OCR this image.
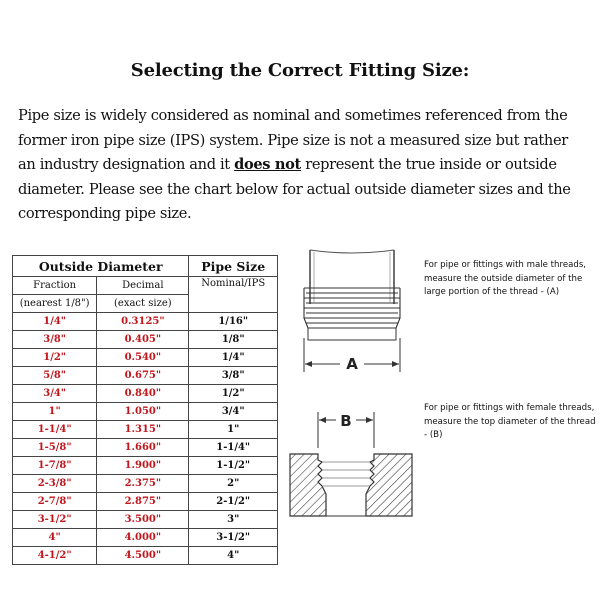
Selecting the Correct Fitting Size:
Pipe size is widely considered as nominal and sometimes referenced from the former iron pipe size (IPS) system. Pipe size is not a measured size but rather an industry designation and it does not represent the true inside or outside diameter. Please see the chart below for actual outside diameter sizes and the corresponding pipe size.
Outside Diameter		Pipe Size
Fraction	Decimal	Nominal/IPS
(nearest 1/8")	(exact size)	
1/4"	0.3125"	1/16"
3/8"	0.405"	1/8"
1/2"	0.540"	1/4"
5/8"	0.675"	3/8"
3/4"	0.840"	1/2"
1"	1.050"	3/4"
1-1/4"	1.315"	1"
1-5/8"	1.660"	1-1/4"
1-7/8"	1.900"	1-1/2"
2-3/8"	2.375"	2"
2-7/8"	2.875"	2-1/2"
3-1/2"	3.500"	3"
4"	4.000"	3-1/2"
4-1/2"	4.500"	4"
A
B
For pipe or fittings with male threads, measure the outside diameter of the large portion of the thread - (A)
For pipe or fittings with female threads, measure the top diameter of the thread - (B)
